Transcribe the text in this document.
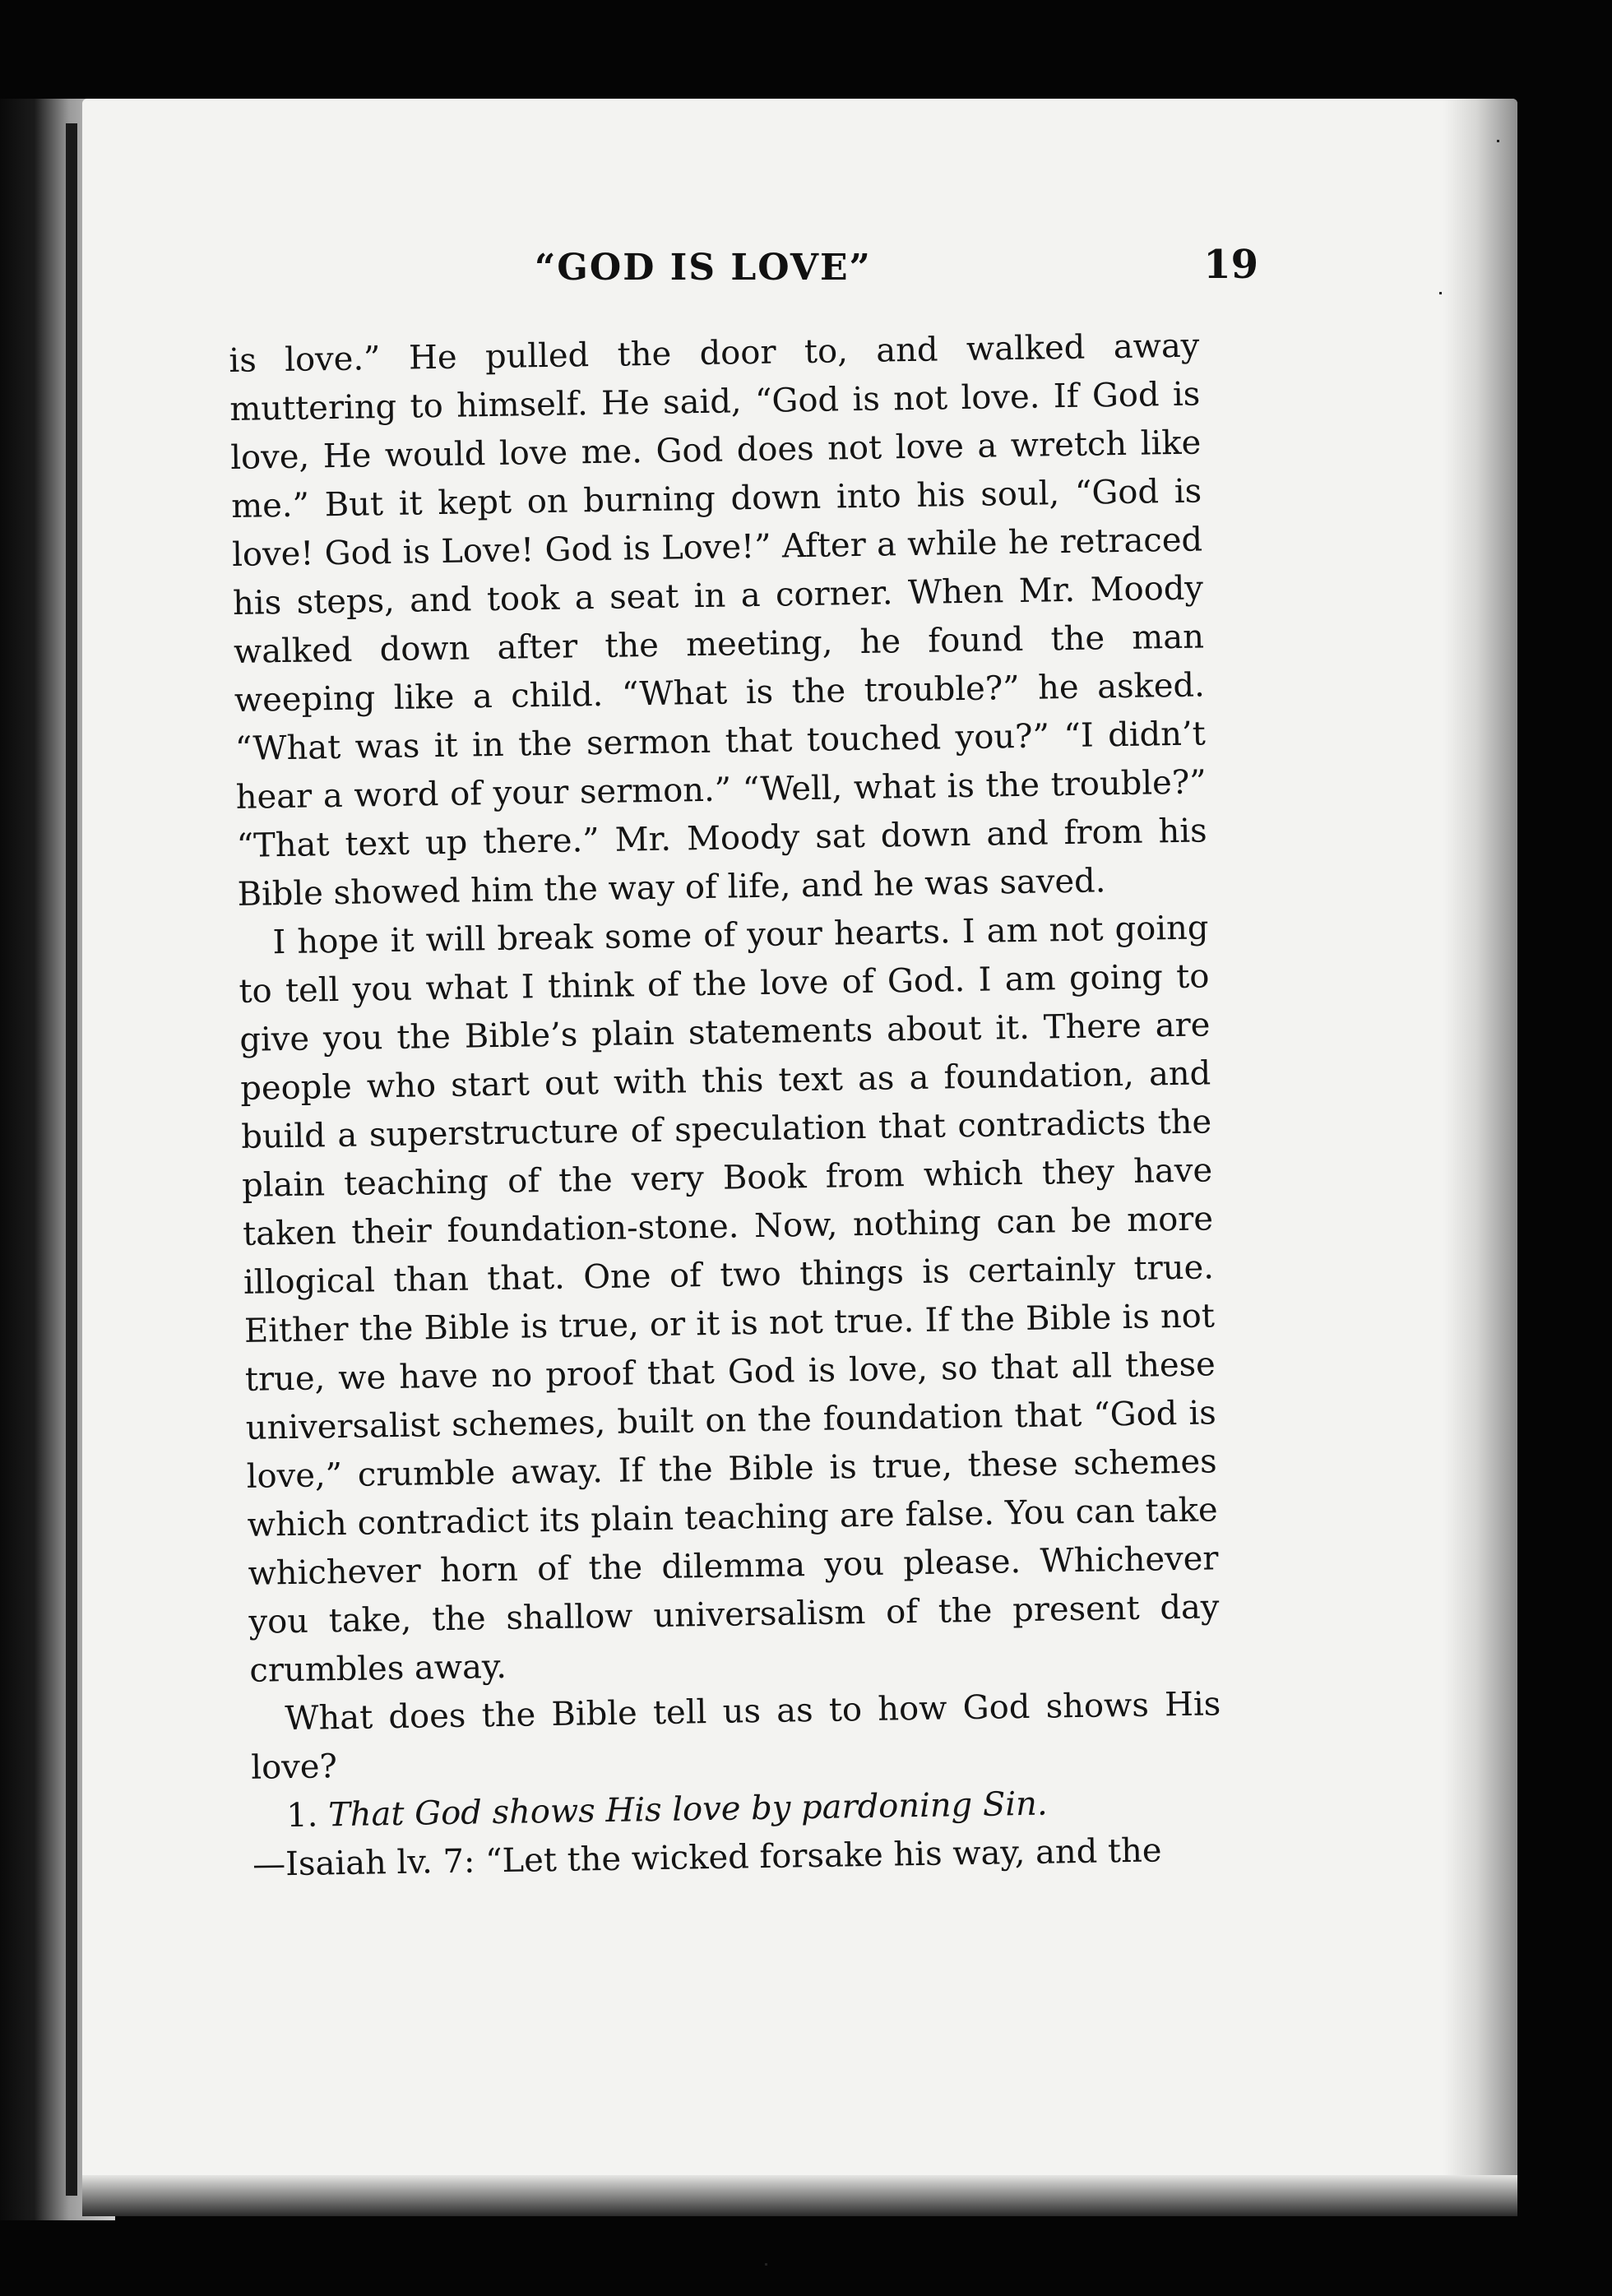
“GOD IS LOVE”	19

is love.” He pulled the door to, and walked away muttering to himself. He said, “God is not love. If God is love, He would love me. God does not love a wretch like me.” But it kept on burning down into his soul, “God is love! God is Love! God is Love!” After a while he retraced his steps, and took a seat in a corner. When Mr. Moody walked down after the meeting, he found the man weeping like a child. “What is the trouble?” he asked. “What was it in the sermon that touched you?” “I didn’t hear a word of your sermon.” “Well, what is the trouble?” “That text up there.” Mr. Moody sat down and from his Bible showed him the way of life, and he was saved.

I hope it will break some of your hearts. I am not going to tell you what I think of the love of God. I am going to give you the Bible’s plain statements about it. There are people who start out with this text as a foundation, and build a superstructure of speculation that contradicts the plain teaching of the very Book from which they have taken their foundation-stone. Now, nothing can be more illogical than that. One of two things is certainly true. Either the Bible is true, or it is not true. If the Bible is not true, we have no proof that God is love, so that all these universalist schemes, built on the foundation that “God is love,” crumble away. If the Bible is true, these schemes which contradict its plain teaching are false. You can take whichever horn of the dilemma you please. Whichever you take, the shallow universalism of the present day crumbles away.

What does the Bible tell us as to how God shows His love?

1. That God shows His love by pardoning Sin.

—Isaiah lv. 7: “Let the wicked forsake his way, and the
